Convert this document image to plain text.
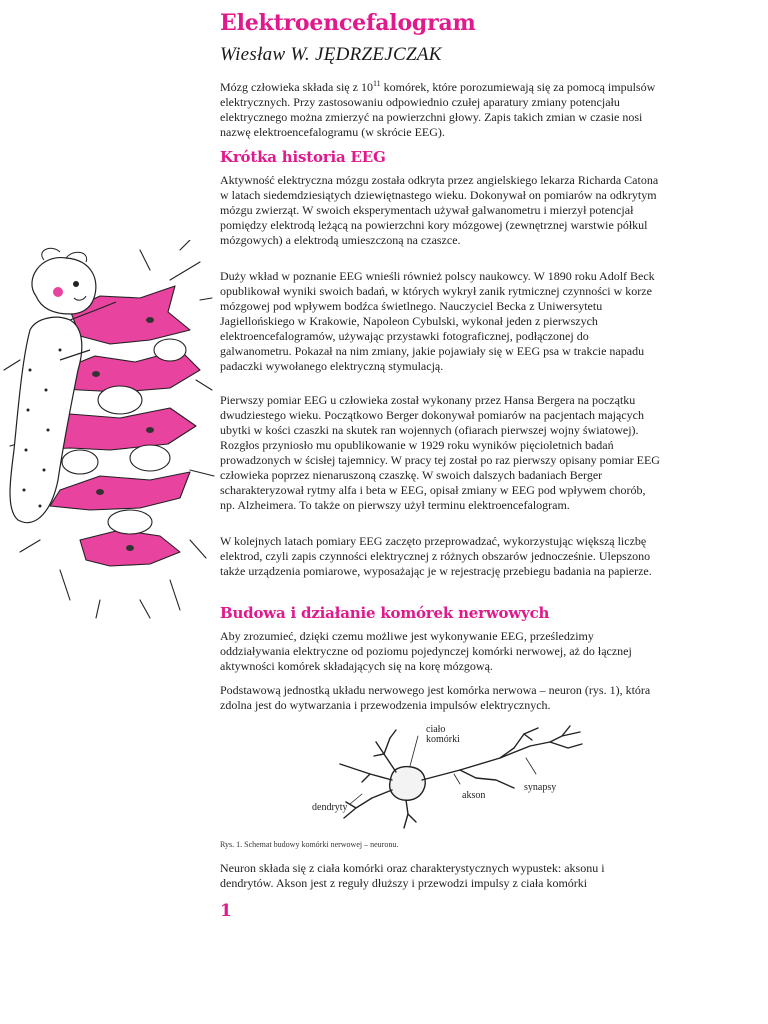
Elektroencefalogram

Wiesław W. JĘDRZEJCZAK

Mózg człowieka składa się z $10^{11}$ komórek, które porozumiewają się za pomocą impulsów elektrycznych. Przy zastosowaniu odpowiednio czułej aparatury zmiany potencjału elektrycznego można zmierzyć na powierzchni głowy. Zapis takich zmian w czasie nosi nazwę elektroencefalogramu (w skrócie EEG).

Krótka historia EEG

Aktywność elektryczna mózgu została odkryta przez angielskiego lekarza Richarda Catona w latach siedemdziesiątych dziewiętnastego wieku. Dokonywał on pomiarów na odkrytym mózgu zwierząt. W swoich eksperymentach używał galwanometru i mierzył potencjał pomiędzy elektrodą leżącą na powierzchni kory mózgowej (zewnętrznej warstwie półkul mózgowych) a elektrodą umieszczoną na czaszce.

Duży wkład w poznanie EEG wnieśli również polscy naukowcy. W 1890 roku Adolf Beck opublikował wyniki swoich badań, w których wykrył zanik rytmicznej czynności w korze mózgowej pod wpływem bodźca świetlnego. Nauczyciel Becka z Uniwersytetu Jagiellońskiego w Krakowie, Napoleon Cybulski, wykonał jeden z pierwszych elektroencefalogramów, używając przystawki fotograficznej, podłączonej do galwanometru. Pokazał na nim zmiany, jakie pojawiały się w EEG psa w trakcie napadu padaczki wywołanego elektryczną stymulacją.

Pierwszy pomiar EEG u człowieka został wykonany przez Hansa Bergera na początku dwudziestego wieku. Początkowo Berger dokonywał pomiarów na pacjentach mających ubytki w kości czaszki na skutek ran wojennych (ofiarach pierwszej wojny światowej). Rozgłos przyniosło mu opublikowanie w 1929 roku wyników pięcioletnich badań prowadzonych w ścisłej tajemnicy. W pracy tej został po raz pierwszy opisany pomiar EEG człowieka poprzez nienaruszoną czaszkę. W swoich dalszych badaniach Berger scharakteryzował rytmy alfa i beta w EEG, opisał zmiany w EEG pod wpływem chorób, np. Alzheimera. To także on pierwszy użył terminu elektroencefalogram.

W kolejnych latach pomiary EEG zaczęto przeprowadzać, wykorzystując większą liczbę elektrod, czyli zapis czynności elektrycznej z różnych obszarów jednocześnie. Ulepszono także urządzenia pomiarowe, wyposażając je w rejestrację przebiegu badania na papierze.

Budowa i działanie komórek nerwowych

Aby zrozumieć, dzięki czemu możliwe jest wykonywanie EEG, prześledzimy oddziaływania elektryczne od poziomu pojedynczej komórki nerwowej, aż do łącznej aktywności komórek składających się na korę mózgową.

Podstawową jednostką układu nerwowego jest komórka nerwowa – neuron (rys. 1), która zdolna jest do wytwarzania i przewodzenia impulsów elektrycznych.

ciało
komórki
akson
synapsy
dendryty

Rys. 1. Schemat budowy komórki nerwowej – neuronu.

Neuron składa się z ciała komórki oraz charakterystycznych wypustek: aksonu i dendrytów. Akson jest z reguły dłuższy i przewodzi impulsy z ciała komórki

1
